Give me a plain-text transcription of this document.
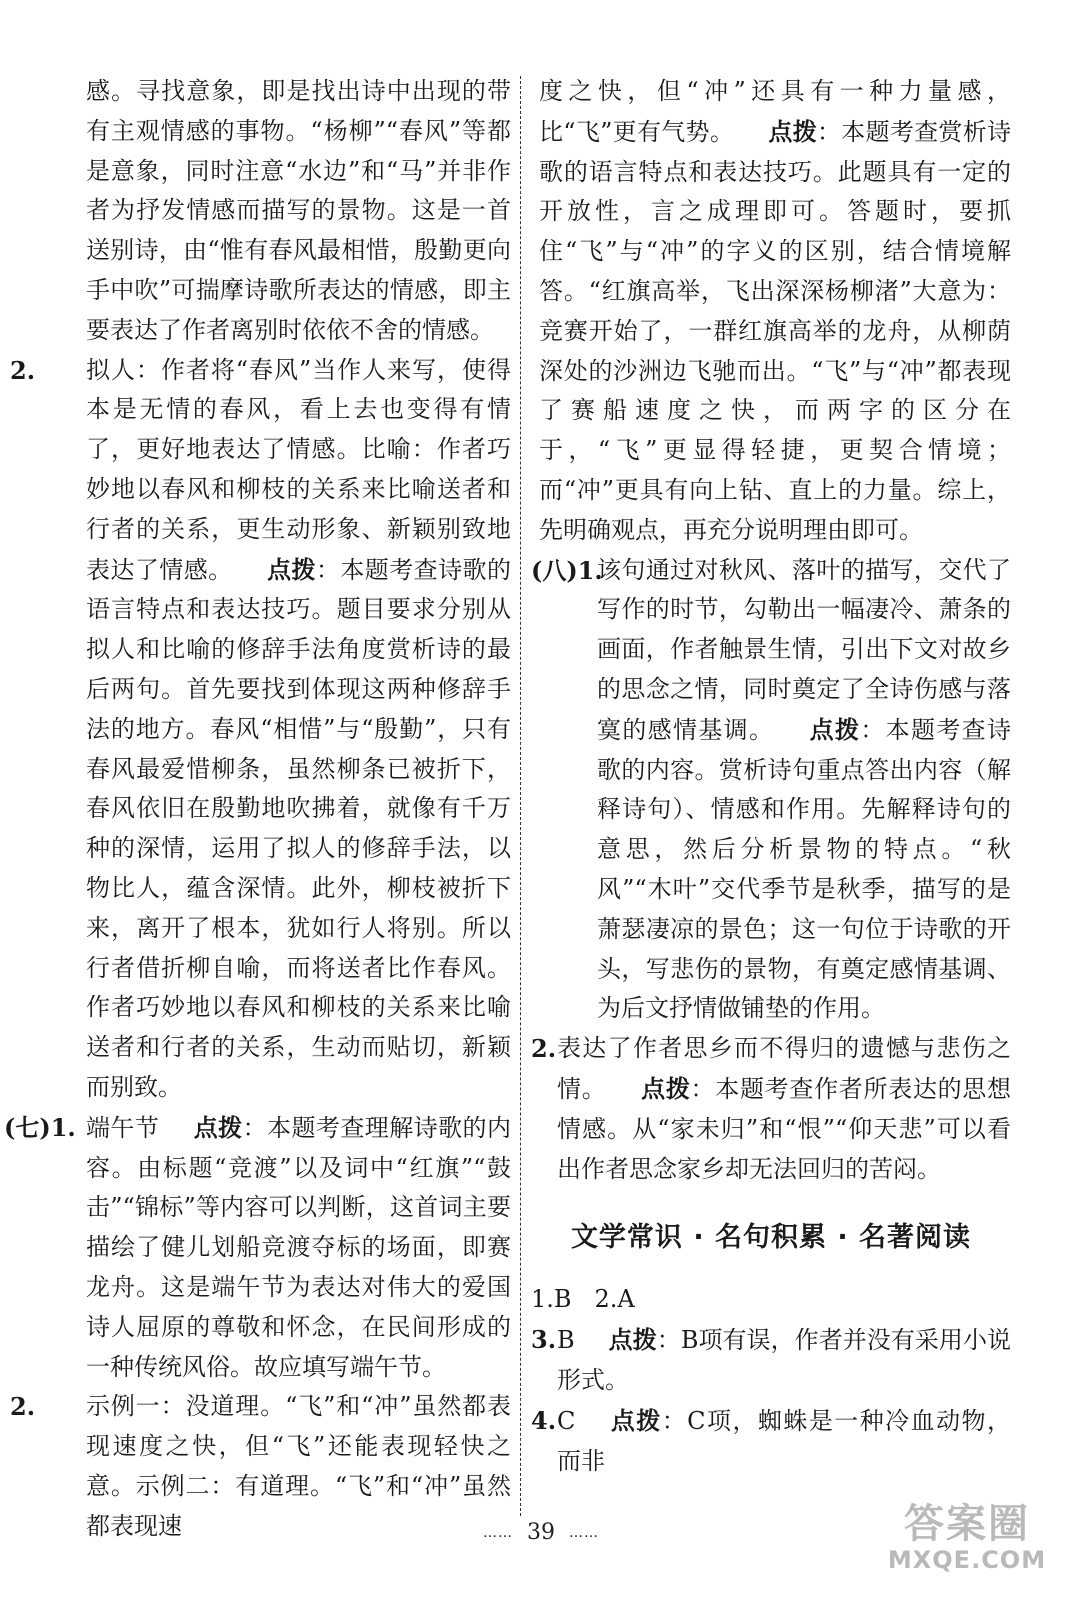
感。寻找意象，即是找出诗中出现的带有主观情感的事物。“杨柳”“春风”等都是意象，同时注意“水边”和“马”并非作者为抒发情感而描写的景物。这是一首送别诗，由“惟有春风最相惜，殷勤更向手中吹”可揣摩诗歌所表达的情感，即主要表达了作者离别时依依不舍的情感。

2. 拟人：作者将“春风”当作人来写，使得本是无情的春风，看上去也变得有情了，更好地表达了情感。比喻：作者巧妙地以春风和柳枝的关系来比喻送者和行者的关系，更生动形象、新颖别致地表达了情感。 点拨：本题考查诗歌的语言特点和表达技巧。题目要求分别从拟人和比喻的修辞手法角度赏析诗的最后两句。首先要找到体现这两种修辞手法的地方。春风“相惜”与“殷勤”，只有春风最爱惜柳条，虽然柳条已被折下，春风依旧在殷勤地吹拂着，就像有千万种的深情，运用了拟人的修辞手法，以物比人，蕴含深情。此外，柳枝被折下来，离开了根本，犹如行人将别。所以行者借折柳自喻，而将送者比作春风。作者巧妙地以春风和柳枝的关系来比喻送者和行者的关系，生动而贴切，新颖而别致。

(七)1. 端午节 点拨：本题考查理解诗歌的内容。由标题“竞渡”以及词中“红旗”“鼓击”“锦标”等内容可以判断，这首词主要描绘了健儿划船竞渡夺标的场面，即赛龙舟。这是端午节为表达对伟大的爱国诗人屈原的尊敬和怀念，在民间形成的一种传统风俗。故应填写端午节。

2. 示例一：没道理。“飞”和“冲”虽然都表现速度之快，但“飞”还能表现轻快之意。示例二：有道理。“飞”和“冲”虽然都表现速

度之快，但“冲”还具有一种力量感，比“飞”更有气势。 点拨：本题考查赏析诗歌的语言特点和表达技巧。此题具有一定的开放性，言之成理即可。答题时，要抓住“飞”与“冲”的字义的区别，结合情境解答。“红旗高举，飞出深深杨柳渚”大意为：竞赛开始了，一群红旗高举的龙舟，从柳荫深处的沙洲边飞驰而出。“飞”与“冲”都表现了赛船速度之快，而两字的区分在于，“飞”更显得轻捷，更契合情境；而“冲”更具有向上钻、直上的力量。综上，先明确观点，再充分说明理由即可。

(八)1.

该句通过对秋风、落叶的描写，交代了写作的时节，勾勒出一幅凄冷、萧条的画面，作者触景生情，引出下文对故乡的思念之情，同时奠定了全诗伤感与落寞的感情基调。 点拨：本题考查诗歌的内容。赏析诗句重点答出内容（解释诗句）、情感和作用。先解释诗句的意思，然后分析景物的特点。“秋风”“木叶”交代季节是秋季，描写的是萧瑟凄凉的景色；这一句位于诗歌的开头，写悲伤的景物，有奠定感情基调、为后文抒情做铺垫的作用。

2. 表达了作者思乡而不得归的遗憾与悲伤之情。 点拨：本题考查作者所表达的思想情感。从“家未归”和“恨”“仰天悲”可以看出作者思念家乡却无法回归的苦闷。

文学常识 · 名句积累 · 名著阅读

1.B 2.A

3. B 点拨：B项有误，作者并没有采用小说形式。

4. C 点拨：C项，蜘蛛是一种冷血动物，而非

…… 39 ……	答案圈
MXQE.COM
